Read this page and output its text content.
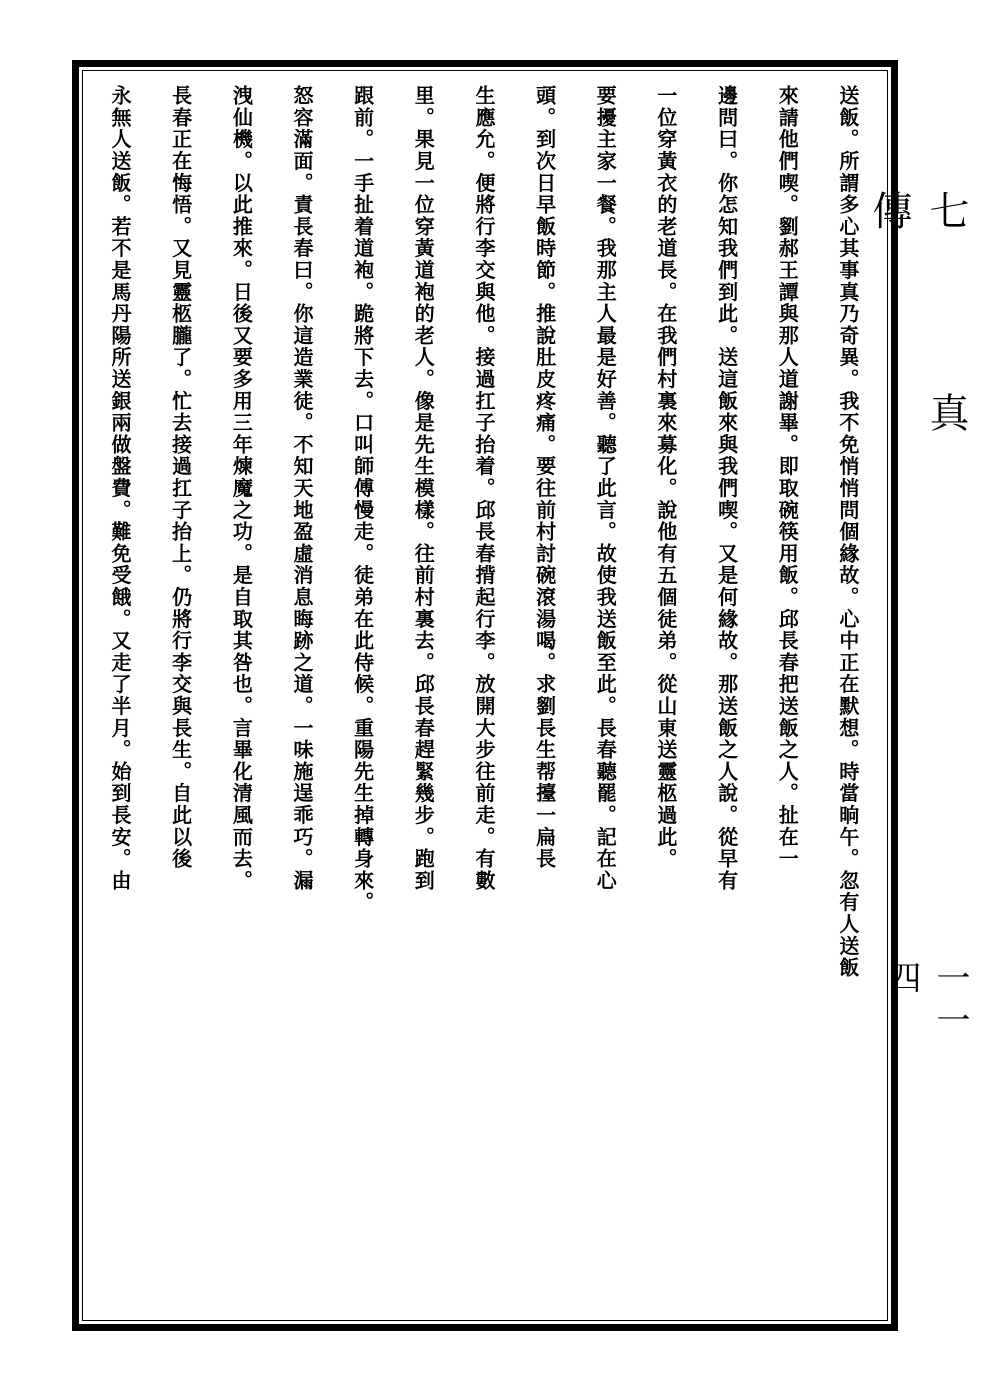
送飯。所謂多心其事真乃奇異。我不免悄悄問個緣故。心中正在默想。時當晌午。忽有人送飯
來請他們喫。劉郝王譚與那人道謝畢。即取碗筷用飯。邱長春把送飯之人。扯在一
邊問曰。你怎知我們到此。送這飯來與我們喫。又是何緣故。那送飯之人說。從早有
一位穿黃衣的老道長。在我們村裏來募化。說他有五個徒弟。從山東送靈柩過此。
要擾主家一餐。我那主人最是好善。聽了此言。故使我送飯至此。長春聽罷。記在心
頭。到次日早飯時節。推說肚皮疼痛。要往前村討碗滾湯喝。求劉長生帮擡一扁長
生應允。便將行李交與他。接過扛子抬着。邱長春揹起行李。放開大步往前走。有數
里。果見一位穿黃道袍的老人。像是先生模樣。往前村裏去。邱長春趕緊幾步。跑到
跟前。一手扯着道袍。跪將下去。口叫師傅慢走。徒弟在此侍候。重陽先生掉轉身來。
怒容滿面。責長春曰。你這造業徒。不知天地盈虛消息晦跡之道。一味施逞乖巧。漏
洩仙機。以此推來。日後又要多用三年煉魔之功。是自取其咎也。言畢化清風而去。
長春正在悔悟。又見靈柩朧了。忙去接過扛子抬上。仍將行李交與長生。自此以後
永無人送飯。若不是馬丹陽所送銀兩做盤費。難免受餓。又走了半月。始到長安。由	七 真 傳
一一四
